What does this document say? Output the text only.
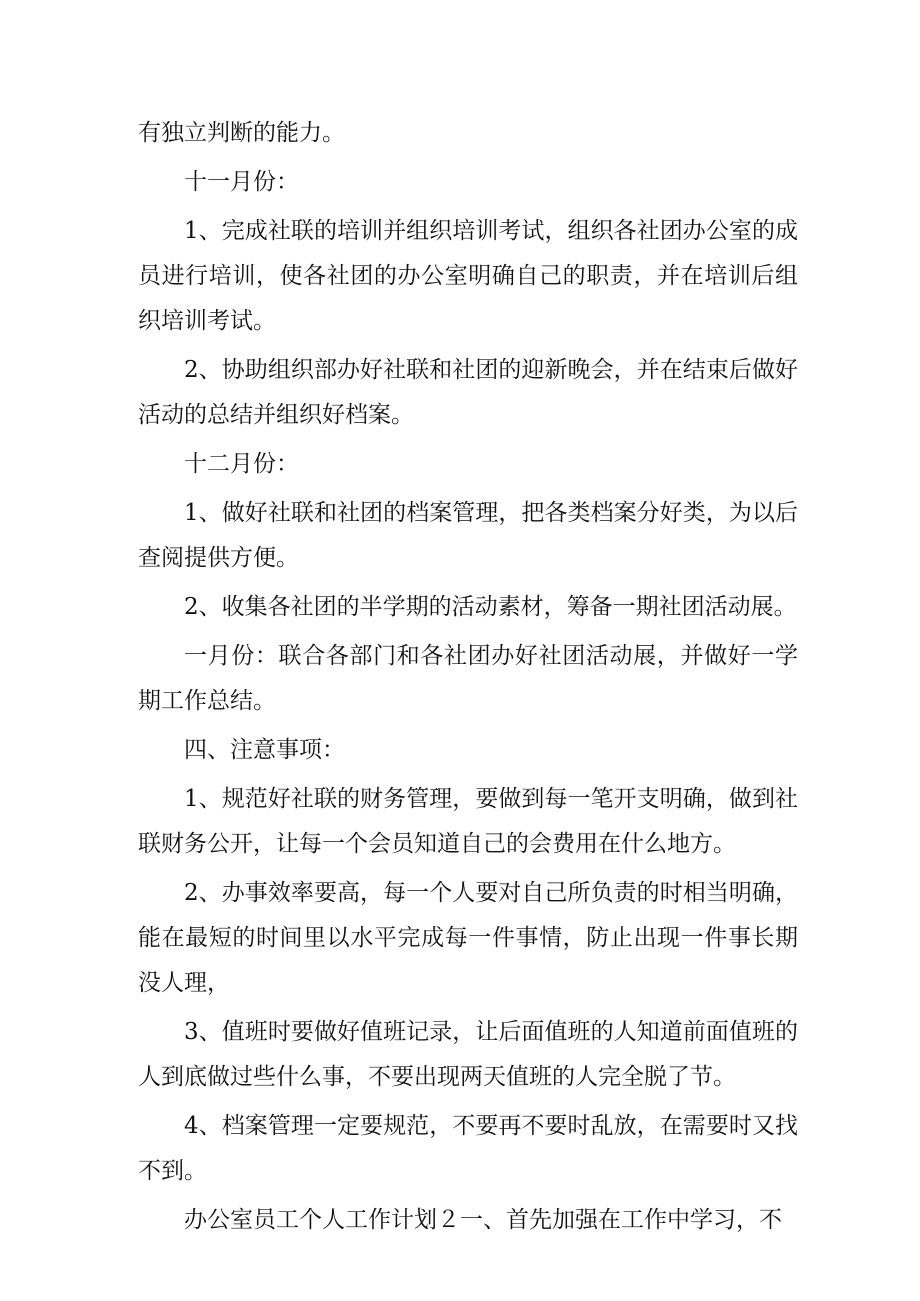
有独立判断的能力。

十一月份：

1、完成社联的培训并组织培训考试，组织各社团办公室的成员进行培训，使各社团的办公室明确自己的职责，并在培训后组织培训考试。

2、协助组织部办好社联和社团的迎新晚会，并在结束后做好活动的总结并组织好档案。

十二月份：

1、做好社联和社团的档案管理，把各类档案分好类，为以后查阅提供方便。

2、收集各社团的半学期的活动素材，筹备一期社团活动展。

一月份：联合各部门和各社团办好社团活动展，并做好一学期工作总结。

四、注意事项：

1、规范好社联的财务管理，要做到每一笔开支明确，做到社联财务公开，让每一个会员知道自己的会费用在什么地方。

2、办事效率要高，每一个人要对自己所负责的时相当明确，能在最短的时间里以水平完成每一件事情，防止出现一件事长期没人理，

3、值班时要做好值班记录，让后面值班的人知道前面值班的人到底做过些什么事，不要出现两天值班的人完全脱了节。

4、档案管理一定要规范，不要再不要时乱放，在需要时又找不到。

办公室员工个人工作计划２一、首先加强在工作中学习，不
